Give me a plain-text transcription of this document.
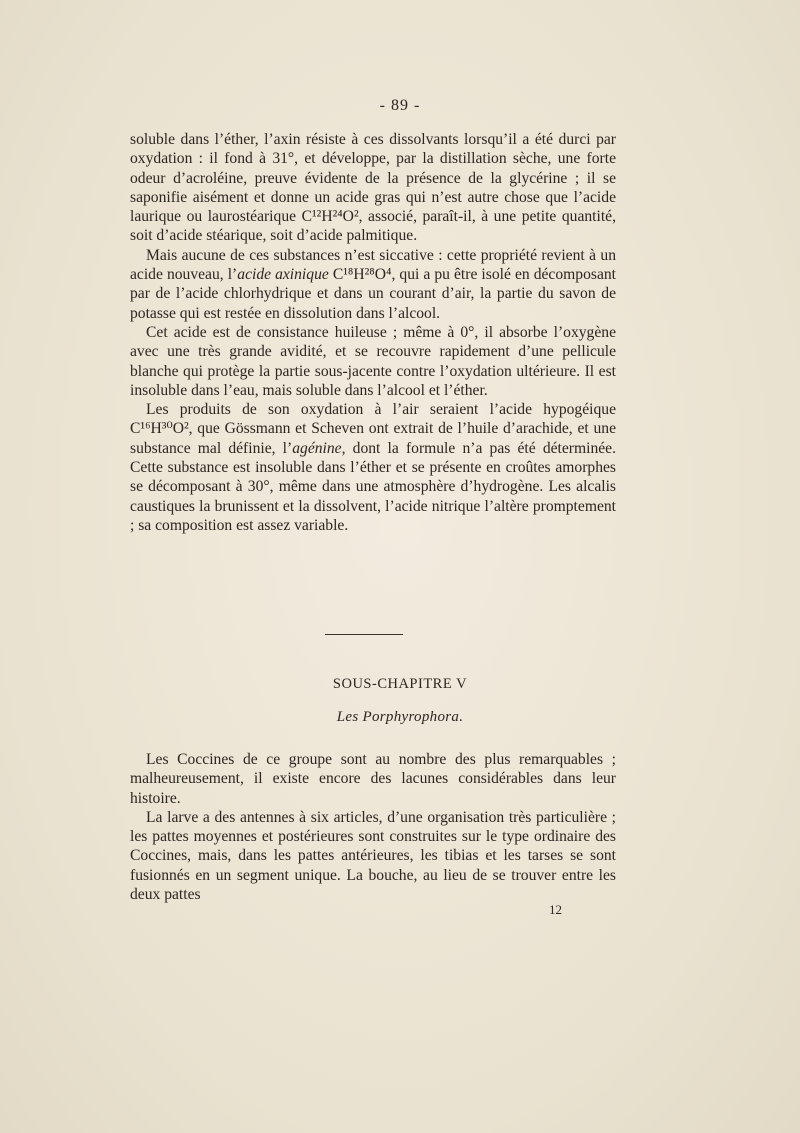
- 89 -

soluble dans l’éther, l’axin résiste à ces dissolvants lorsqu’il a été durci par oxydation : il fond à 31°, et développe, par la distillation sèche, une forte odeur d’acroléine, preuve évidente de la présence de la glycérine ; il se saponifie aisément et donne un acide gras qui n’est autre chose que l’acide laurique ou laurostéarique C¹²H²⁴O², associé, paraît-il, à une petite quantité, soit d’acide stéarique, soit d’acide palmitique.

Mais aucune de ces substances n’est siccative : cette propriété revient à un acide nouveau, l’acide axinique C¹⁸H²⁸O⁴, qui a pu être isolé en décomposant par de l’acide chlorhydrique et dans un courant d’air, la partie du savon de potasse qui est restée en dissolution dans l’alcool.

Cet acide est de consistance huileuse ; même à 0°, il absorbe l’oxygène avec une très grande avidité, et se recouvre rapidement d’une pellicule blanche qui protège la partie sous-jacente contre l’oxydation ultérieure. Il est insoluble dans l’eau, mais soluble dans l’alcool et l’éther.

Les produits de son oxydation à l’air seraient l’acide hypogéique C¹⁶H³⁰O², que Gössmann et Scheven ont extrait de l’huile d’arachide, et une substance mal définie, l’agénine, dont la formule n’a pas été déterminée. Cette substance est insoluble dans l’éther et se présente en croûtes amorphes se décomposant à 30°, même dans une atmosphère d’hydrogène. Les alcalis caustiques la brunissent et la dissolvent, l’acide nitrique l’altère promptement ; sa composition est assez variable.

SOUS-CHAPITRE V
Les Porphyrophora.

Les Coccines de ce groupe sont au nombre des plus remarquables ; malheureusement, il existe encore des lacunes considérables dans leur histoire.

La larve a des antennes à six articles, d’une organisation très particulière ; les pattes moyennes et postérieures sont construites sur le type ordinaire des Coccines, mais, dans les pattes antérieures, les tibias et les tarses se sont fusionnés en un segment unique. La bouche, au lieu de se trouver entre les deux pattes

12
